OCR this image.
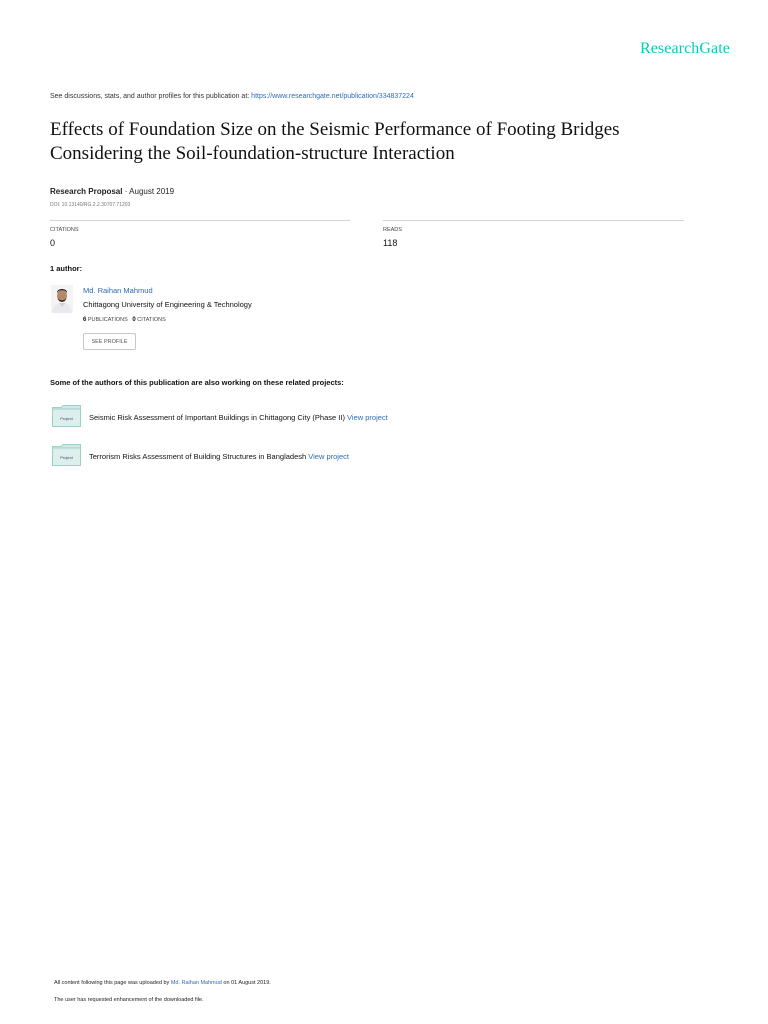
ResearchGate
See discussions, stats, and author profiles for this publication at: https://www.researchgate.net/publication/334837224
Effects of Foundation Size on the Seismic Performance of Footing Bridges Considering the Soil-foundation-structure Interaction
Research Proposal · August 2019
DOI: 10.13140/RG.2.2.30707.71203
CITATIONS
0
READS
118
1 author:
Md. Raihan Mahmud
Chittagong University of Engineering & Technology
6 PUBLICATIONS 0 CITATIONS
SEE PROFILE
Some of the authors of this publication are also working on these related projects:
Project Seismic Risk Assessment of Important Buildings in Chittagong City (Phase II) View project
Project Terrorism Risks Assessment of Building Structures in Bangladesh View project
All content following this page was uploaded by Md. Raihan Mahmud on 01 August 2019.
The user has requested enhancement of the downloaded file.
